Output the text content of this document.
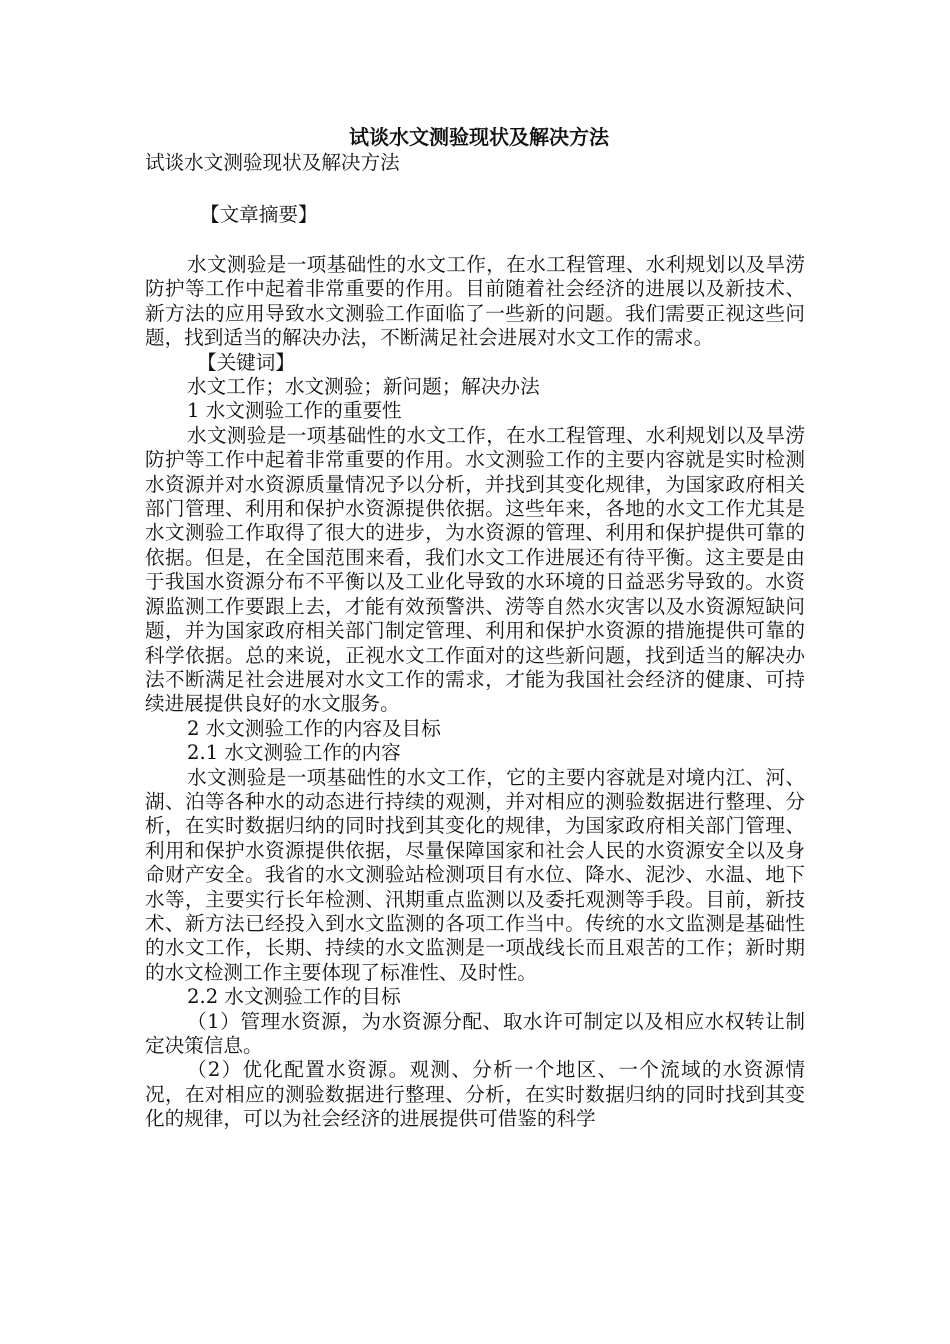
试谈水文测验现状及解决方法
试谈水文测验现状及解决方法
【文章摘要】

水文测验是一项基础性的水文工作，在水工程管理、水利规划以及旱涝防护等工作中起着非常重要的作用。目前随着社会经济的进展以及新技术、新方法的应用导致水文测验工作面临了一些新的问题。我们需要正视这些问题，找到适当的解决办法，不断满足社会进展对水文工作的需求。

【关键词】
水文工作；水文测验；新问题；解决办法
1 水文测验工作的重要性

水文测验是一项基础性的水文工作，在水工程管理、水利规划以及旱涝防护等工作中起着非常重要的作用。水文测验工作的主要内容就是实时检测水资源并对水资源质量情况予以分析，并找到其变化规律，为国家政府相关部门管理、利用和保护水资源提供依据。这些年来，各地的水文工作尤其是水文测验工作取得了很大的进步，为水资源的管理、利用和保护提供可靠的依据。但是，在全国范围来看，我们水文工作进展还有待平衡。这主要是由于我国水资源分布不平衡以及工业化导致的水环境的日益恶劣导致的。水资源监测工作要跟上去，才能有效预警洪、涝等自然水灾害以及水资源短缺问题，并为国家政府相关部门制定管理、利用和保护水资源的措施提供可靠的科学依据。总的来说，正视水文工作面对的这些新问题，找到适当的解决办法不断满足社会进展对水文工作的需求，才能为我国社会经济的健康、可持续进展提供良好的水文服务。

2 水文测验工作的内容及目标
2.1 水文测验工作的内容

水文测验是一项基础性的水文工作，它的主要内容就是对境内江、河、湖、泊等各种水的动态进行持续的观测，并对相应的测验数据进行整理、分析，在实时数据归纳的同时找到其变化的规律，为国家政府相关部门管理、利用和保护水资源提供依据，尽量保障国家和社会人民的水资源安全以及身命财产安全。我省的水文测验站检测项目有水位、降水、泥沙、水温、地下水等，主要实行长年检测、汛期重点监测以及委托观测等手段。目前，新技术、新方法已经投入到水文监测的各项工作当中。传统的水文监测是基础性的水文工作，长期、持续的水文监测是一项战线长而且艰苦的工作；新时期的水文检测工作主要体现了标准性、及时性。

2.2 水文测验工作的目标

（1）管理水资源，为水资源分配、取水许可制定以及相应水权转让制定决策信息。

（2）优化配置水资源。观测、分析一个地区、一个流域的水资源情况，在对相应的测验数据进行整理、分析，在实时数据归纳的同时找到其变化的规律，可以为社会经济的进展提供可借鉴的科学
